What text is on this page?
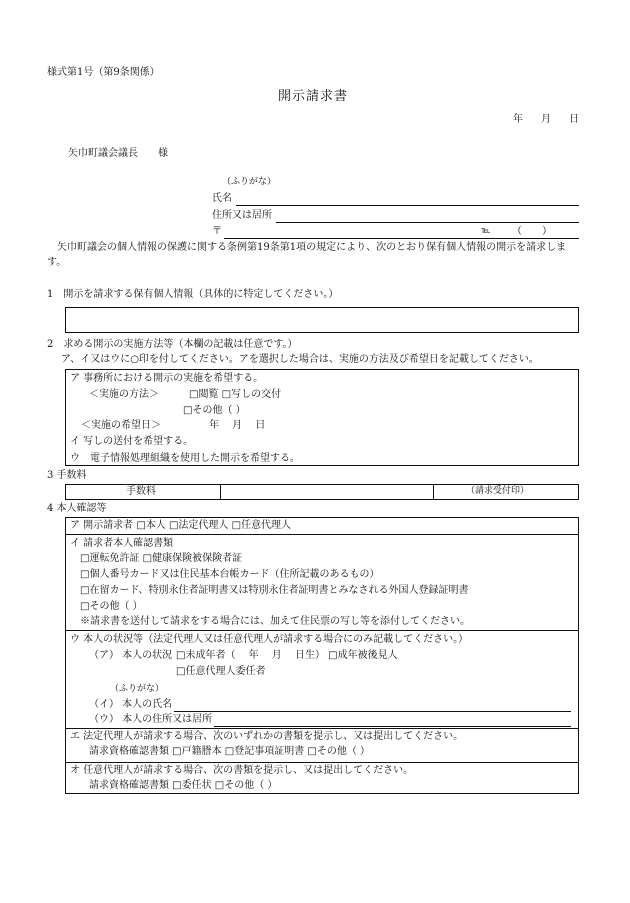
様式第1号（第9条関係）
開示請求書
年 月 日
矢巾町議会議長　　様
（ふりがな）
氏名
住所又は居所
〒	℡ （　　）
矢巾町議会の個人情報の保護に関する条例第19条第1項の規定により、次のとおり保有個人情報の開示を請求します。
1　開示を請求する保有個人情報（具体的に特定してください。）
2　求める開示の実施方法等（本欄の記載は任意です。）
ア、イ又はウに○印を付してください。アを選択した場合は、実施の方法及び希望日を記載してください。
ア 事務所における開示の実施を希望する。
＜実施の方法＞	□閲覧 □写しの交付
□その他（ ）
＜実施の希望日＞	年　 月　 日
イ 写しの送付を希望する。
ウ　電子情報処理組織を使用した開示を希望する。
3 手数料
手数料	（請求受付印）
4 本人確認等
ア 開示請求者 □本人 □法定代理人 □任意代理人
イ 請求者本人確認書類
□運転免許証 □健康保険被保険者証
□個人番号カード又は住民基本台帳カード（住所記載のあるもの）
□在留カード、特別永住者証明書又は特別永住者証明書とみなされる外国人登録証明書
□その他（ ）
※請求書を送付して請求をする場合には、加えて住民票の写し等を添付してください。
ウ 本人の状況等（法定代理人又は任意代理人が請求する場合にのみ記載してください。）
（ア） 本人の状況 □未成年者（　 年　 月　 日生） □成年被後見人
□任意代理人委任者
（ふりがな）
（イ） 本人の氏名
（ウ） 本人の住所又は居所
エ 法定代理人が請求する場合、次のいずれかの書類を提示し、又は提出してください。
請求資格確認書類 □戸籍謄本 □登記事項証明書 □その他（ ）
オ 任意代理人が請求する場合、次の書類を提示し、又は提出してください。
請求資格確認書類 □委任状 □その他（ ）
